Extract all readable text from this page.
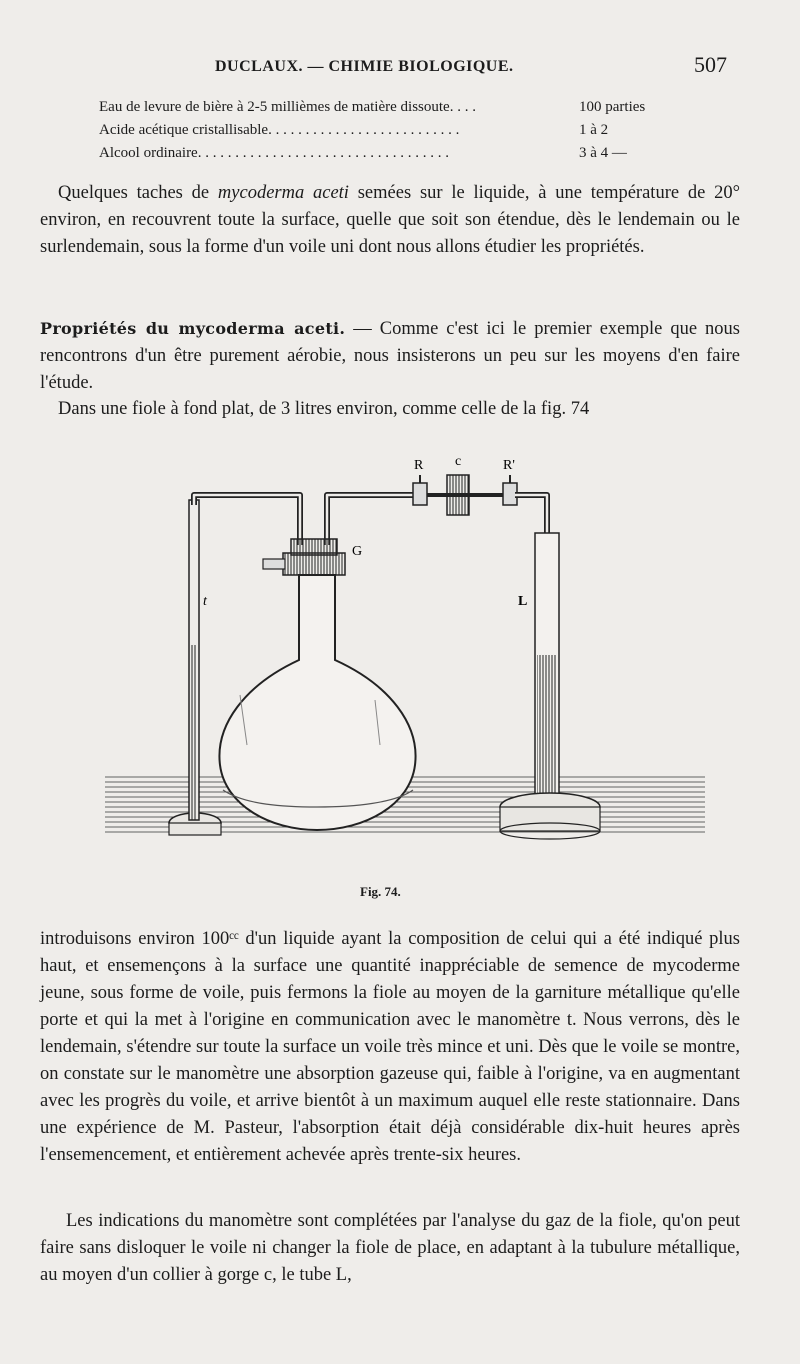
DUCLAUX. — CHIMIE BIOLOGIQUE.	507
Eau de levure de bière à 2-5 millièmes de matière dissoute. . . .	100 parties
Acide acétique cristallisable. . . . . . . . . . . . . . . . . . . . . . . . . .	1 à 2
Alcool ordinaire. . . . . . . . . . . . . . . . . . . . . . . . . . . . . . . . . .	3 à 4 —
Quelques taches de mycoderma aceti semées sur le liquide, à une température de 20° environ, en recouvrent toute la surface, quelle que soit son étendue, dès le lendemain ou le surlendemain, sous la forme d'un voile uni dont nous allons étudier les propriétés.
Propriétés du mycoderma aceti. — Comme c'est ici le premier exemple que nous rencontrons d'un être purement aérobie, nous insisterons un peu sur les moyens d'en faire l'étude.
Dans une fiole à fond plat, de 3 litres environ, comme celle de la fig. 74
R c	R'
G
t	L
Fig. 74.
introduisons environ 100ᶜᶜ d'un liquide ayant la composition de celui qui a été indiqué plus haut, et ensemençons à la surface une quantité inappréciable de semence de mycoderme jeune, sous forme de voile, puis fermons la fiole au moyen de la garniture métallique qu'elle porte et qui la met à l'origine en communication avec le manomètre t. Nous verrons, dès le lendemain, s'étendre sur toute la surface un voile très mince et uni. Dès que le voile se montre, on constate sur le manomètre une absorption gazeuse qui, faible à l'origine, va en augmentant avec les progrès du voile, et arrive bientôt à un maximum auquel elle reste stationnaire. Dans une expérience de M. Pasteur, l'absorption était déjà considérable dix-huit heures après l'ensemencement, et entièrement achevée après trente-six heures.
Les indications du manomètre sont complétées par l'analyse du gaz de la fiole, qu'on peut faire sans disloquer le voile ni changer la fiole de place, en adaptant à la tubulure métallique, au moyen d'un collier à gorge c, le tube L,
